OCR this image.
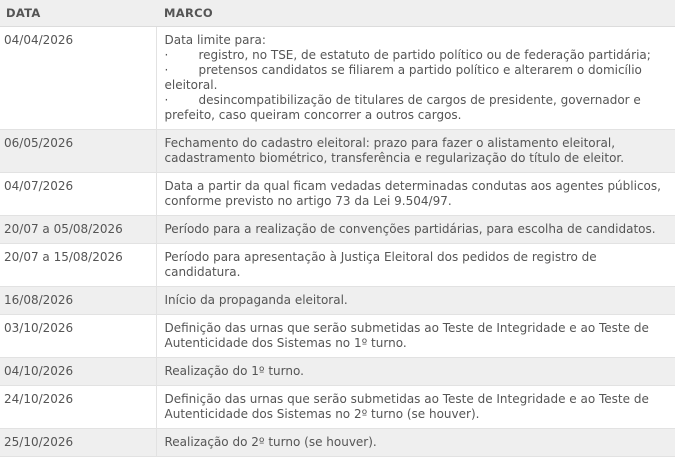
DATA	MARCO
04/04/2026	Data limite para:
· registro, no TSE, de estatuto de partido político ou de federação partidária;
· pretensos candidatos se filiarem a partido político e alterarem o domicílio eleitoral.
· desincompatibilização de titulares de cargos de presidente, governador e prefeito, caso queiram concorrer a outros cargos.

06/05/2026	Fechamento do cadastro eleitoral: prazo para fazer o alistamento eleitoral, cadastramento biométrico, transferência e regularização do título de eleitor.
04/07/2026	Data a partir da qual ficam vedadas determinadas condutas aos agentes públicos, conforme previsto no artigo 73 da Lei 9.504/97.
20/07 a 05/08/2026	Período para a realização de convenções partidárias, para escolha de candidatos.
20/07 a 15/08/2026	Período para apresentação à Justiça Eleitoral dos pedidos de registro de candidatura.
16/08/2026	Início da propaganda eleitoral.
03/10/2026	Definição das urnas que serão submetidas ao Teste de Integridade e ao Teste de Autenticidade dos Sistemas no 1º turno.
04/10/2026	Realização do 1º turno.
24/10/2026	Definição das urnas que serão submetidas ao Teste de Integridade e ao Teste de Autenticidade dos Sistemas no 2º turno (se houver).
25/10/2026	Realização do 2º turno (se houver).
